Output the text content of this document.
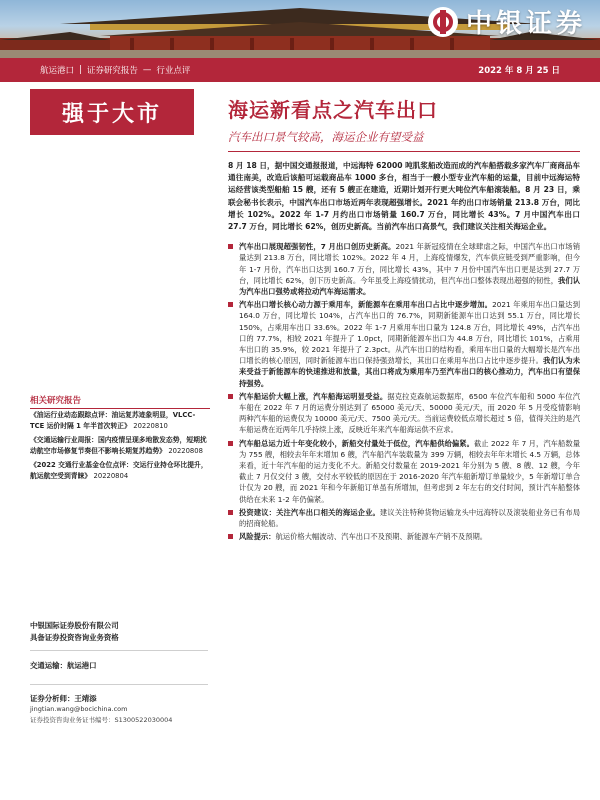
中银证券
航运港口 | 证券研究报告 — 行业点评	2022 年 8 月 25 日
强于大市
相关研究报告
《油运行业动态跟踪点评：油运复苏迹象明显，VLCC-TCE 运价时隔 1 年半首次转正》 20220810
《交通运输行业周报：国内疫情呈现多地散发态势，短期扰动航空市场修复节奏但不影响长期复苏趋势》 20220808
《2022 交通行业基金仓位点评：交运行业持仓环比提升，航运航空受到青睐》 20220804
中银国际证券股份有限公司
具备证券投资咨询业务资格
交通运输：航运港口
证券分析师：王靖添
jingtian.wang@bocichina.com
证券投资咨询业务证书编号：S1300522030004
海运新看点之汽车出口
汽车出口景气较高，海运企业有望受益
8 月 18 日，据中国交通报报道，中远海特 62000 吨肌浆船改造而成的汽车船搭载多家汽车厂商商品车通往南美，改造后该船可运载商品车 1000 多台，相当于一艘小型专业汽车船的运量，目前中远海运特运经营该类型船舶 15 艘，还有 5 艘正在建造，近期计划开行更大吨位汽车船滚装船。8 月 23 日，乘联会秘书长表示，中国汽车出口市场近两年表现超强增长。2021 年约出口市场销量 213.8 万台，同比增长 102%。2022 年 1-7 月约出口市场销量 160.7 万台，同比增长 43%。7 月中国汽车出口 27.7 万台，同比增长 62%，创历史新高。当前汽车出口高景气，我们建议关注相关海运企业。
汽车出口展现超强韧性，7 月出口创历史新高。2021 年新冠疫情在全球肆虐之际，中国汽车出口市场销量达到 213.8 万台，同比增长 102%。2022 年 4 月，上海疫情爆发，汽车供应链受到严重影响，但今年 1-7 月份，汽车出口达到 160.7 万台，同比增长 43%，其中 7 月份中国汽车出口更是达到 27.7 万台，同比增长 62%，创下历史新高。今年虽受上海疫情扰动，但汽车出口整体表现出超强的韧性，我们认为汽车出口强势或将拉动汽车海运需求。
汽车出口增长核心动力源于乘用车，新能源车在乘用车出口占比中逐步增加。2021 年乘用车出口量达到 164.0 万台，同比增长 104%，占汽车出口的 76.7%，同期新能源车出口达到 55.1 万台，同比增长 150%，占乘用车出口 33.6%。2022 年 1-7 月乘用车出口量为 124.8 万台，同比增长 49%，占汽车出口的 77.7%，相较 2021 年提升了 1.0pct，同期新能源车出口为 44.8 万台，同比增长 101%，占乘用车出口的 35.9%，较 2021 年提升了 2.3pct。从汽车出口的结构看，乘用车出口量的大幅增长是汽车出口增长的核心原因，同时新能源车出口保持强劲增长，其出口在乘用车出口占比中逐步提升。我们认为未来受益于新能源车的快速推进和放量，其出口将成为乘用车乃至汽车出口的核心推动力，汽车出口有望保持强势。
汽车船运价大幅上涨，汽车船海运明显受益。据克拉克森航运数据库，6500 车位汽车船和 5000 车位汽车船在 2022 年 7 月的运费分别达到了 65000 美元/天、50000 美元/天，而 2020 年 5 月受疫情影响两种汽车船的运费仅为 10000 美元/天、7500 美元/天。当前运费较低点增长超过 5 倍，值得关注的是汽车船运费在近两年几乎持续上涨，反映近年来汽车船海运供不应求。
汽车船总运力近十年变化较小，新船交付量处于低位，汽车船供给偏紧。截止 2022 年 7 月，汽车船数量为 755 艘，相较去年年末增加 6 艘，汽车船汽车装载量为 399 万辆，相较去年年末增长 4.5 万辆，总体来看，近十年汽车船的运力变化不大。新船交付数量在 2019-2021 年分别为 5 艘、8 艘、12 艘，今年截止 7 月仅交付 3 艘，交付水平较低的原因在于 2016-2020 年汽车船新增订单量较少，5 年新增订单合计仅为 20 艘，而 2021 年和今年新船订单虽有所增加，但考虑到 2 年左右的交付时间，预计汽车船整体供给在未来 1-2 年仍偏紧。
投资建议：关注汽车出口相关的海运企业。建议关注特种货物运输龙头中远海特以及滚装船业务已有布局的招商轮船。
风险提示：航运价格大幅波动、汽车出口不及预期、新能源车产销不及预期。
